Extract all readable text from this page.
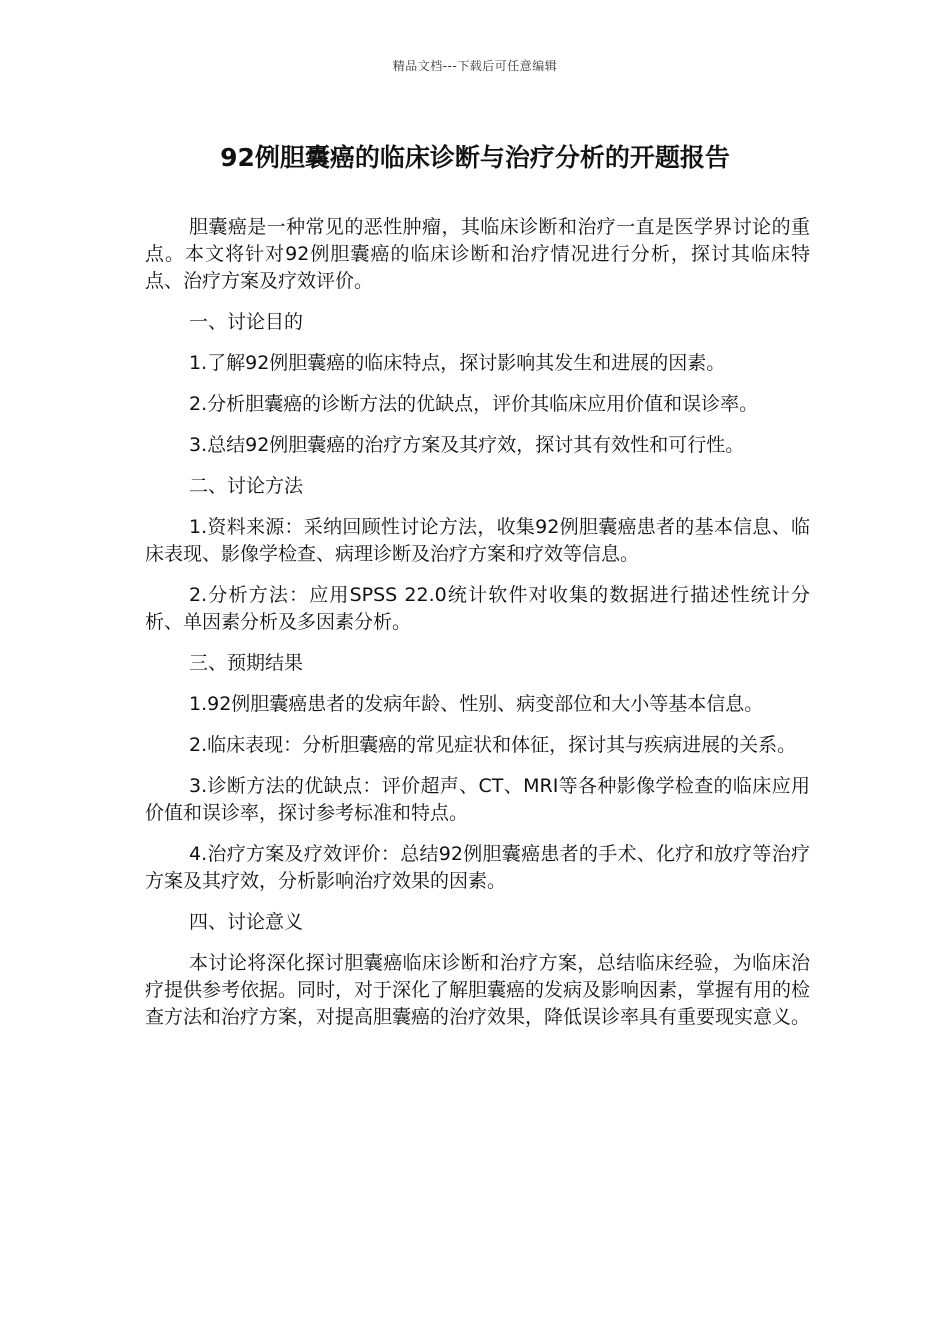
精品文档---下载后可任意编辑
92例胆囊癌的临床诊断与治疗分析的开题报告

胆囊癌是一种常见的恶性肿瘤，其临床诊断和治疗一直是医学界讨论的重点。本文将针对92例胆囊癌的临床诊断和治疗情况进行分析，探讨其临床特点、治疗方案及疗效评价。

一、讨论目的

1.了解92例胆囊癌的临床特点，探讨影响其发生和进展的因素。

2.分析胆囊癌的诊断方法的优缺点，评价其临床应用价值和误诊率。

3.总结92例胆囊癌的治疗方案及其疗效，探讨其有效性和可行性。

二、讨论方法

1.资料来源：采纳回顾性讨论方法，收集92例胆囊癌患者的基本信息、临床表现、影像学检查、病理诊断及治疗方案和疗效等信息。

2.分析方法：应用SPSS 22.0统计软件对收集的数据进行描述性统计分析、单因素分析及多因素分析。

三、预期结果

1.92例胆囊癌患者的发病年龄、性别、病变部位和大小等基本信息。

2.临床表现：分析胆囊癌的常见症状和体征，探讨其与疾病进展的关系。

3.诊断方法的优缺点：评价超声、CT、MRI等各种影像学检查的临床应用价值和误诊率，探讨参考标准和特点。

4.治疗方案及疗效评价：总结92例胆囊癌患者的手术、化疗和放疗等治疗方案及其疗效，分析影响治疗效果的因素。

四、讨论意义

本讨论将深化探讨胆囊癌临床诊断和治疗方案，总结临床经验，为临床治疗提供参考依据。同时，对于深化了解胆囊癌的发病及影响因素，掌握有用的检查方法和治疗方案，对提高胆囊癌的治疗效果，降低误诊率具有重要现实意义。
